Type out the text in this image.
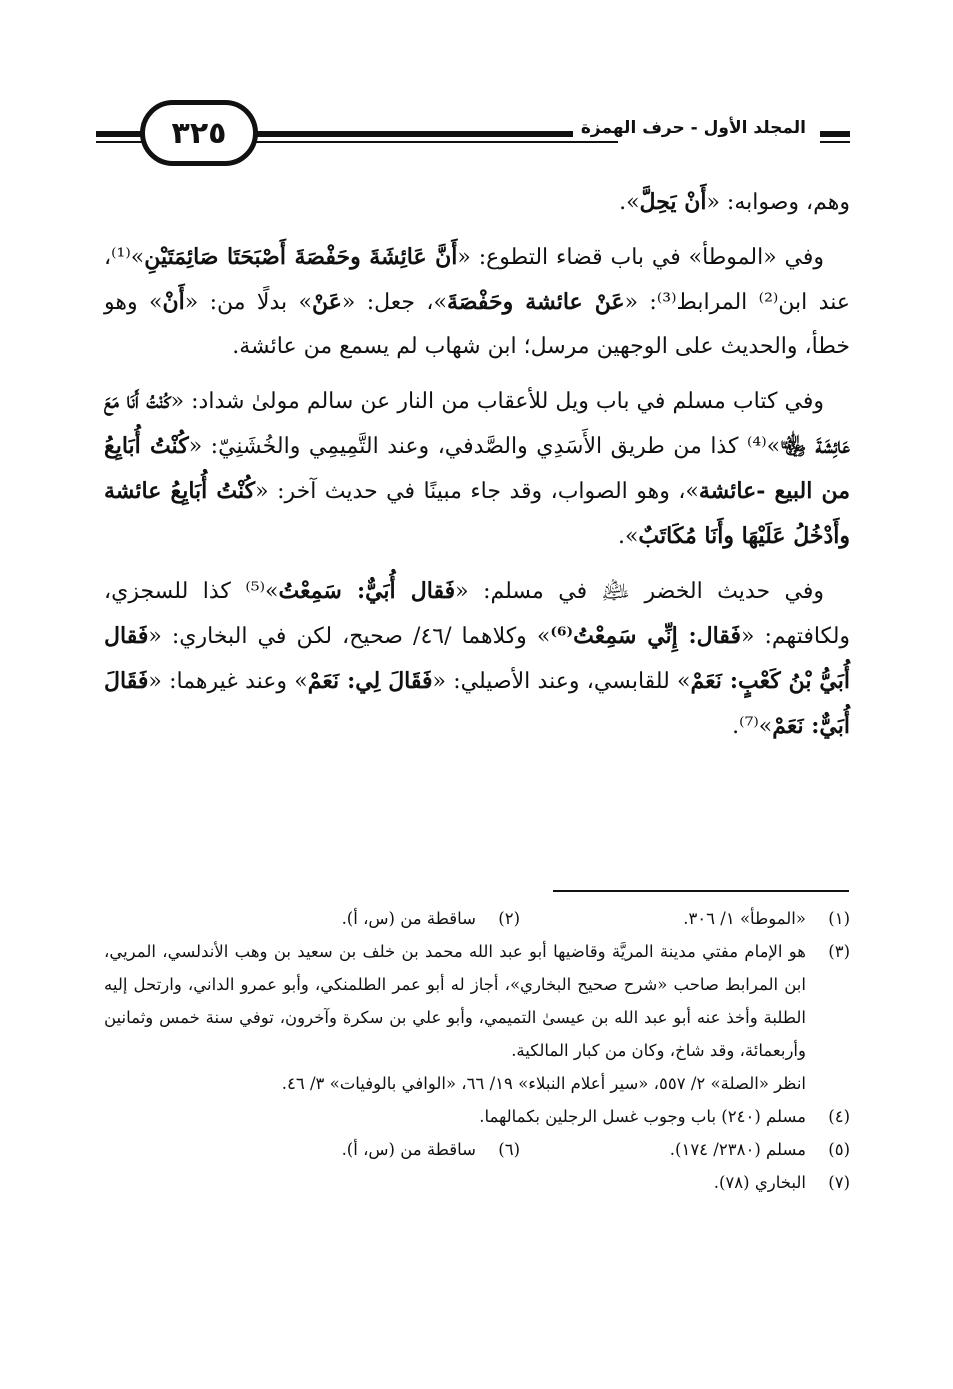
٣٢٥	المجلد الأول - حرف الهمزة

وهم، وصوابه: «أَنْ يَحِلَّ».

وفي «الموطأ» في باب قضاء التطوع: «أَنَّ عَائِشَةَ وحَفْصَةَ أَصْبَحَتَا صَائِمَتَيْنِ»⁽¹⁾، عند ابن⁽²⁾ المرابط⁽³⁾: «عَنْ عائشة وحَفْصَةَ»، جعل: «عَنْ» بدلًا من: «أَنْ» وهو خطأ، والحديث على الوجهين مرسل؛ ابن شهاب لم يسمع من عائشة.

وفي كتاب مسلم في باب ويل للأعقاب من النار عن سالم مولىٰ شداد: «كُنْتُ أَنَا مَعَ عَائِشَةَ ﵄»⁽⁴⁾ كذا من طريق الأَسَدِي والصَّدفي، وعند التَّمِيمِي والخُشَنِيّ: «كُنْتُ أُبَايِعُ من البيع -عائشة»، وهو الصواب، وقد جاء مبينًا في حديث آخر: «كُنْتُ أُبَايِعُ عائشة وأَدْخُلُ عَلَيْهَا وأَنَا مُكَاتَبٌ».

وفي حديث الخضر ﵇ في مسلم: «فَقال أُبَيٌّ: سَمِعْتُ»⁽⁵⁾ كذا للسجزي، ولكافتهم: «فَقال: إِنِّي سَمِعْتُ⁽⁶⁾» وكلاهما /٤٦/ صحيح، لكن في البخاري: «فَقال أُبَيُّ بْنُ كَعْبٍ: نَعَمْ» للقابسي، وعند الأصيلي: «فَقَالَ لِي: نَعَمْ» وعند غيرهما: «فَقَالَ أُبَيٌّ: نَعَمْ»⁽⁷⁾.

(١)
«الموطأ» ١/ ٣٠٦.
(٢)
ساقطة من (س، أ).
(٣)
هو الإمام مفتي مدينة المريَّة وقاضيها أبو عبد الله محمد بن خلف بن سعيد بن وهب الأندلسي، المريي، ابن المرابط صاحب «شرح صحيح البخاري»، أجاز له أبو عمر الطلمنكي، وأبو عمرو الداني، وارتحل إليه الطلبة وأخذ عنه أبو عبد الله بن عيسىٰ التميمي، وأبو علي بن سكرة وآخرون، توفي سنة خمس وثمانين وأربعمائة، وقد شاخ، وكان من كبار المالكية.
انظر «الصلة» ٢/ ٥٥٧، «سير أعلام النبلاء» ١٩/ ٦٦، «الوافي بالوفيات» ٣/ ٤٦.
(٤)
مسلم (٢٤٠) باب وجوب غسل الرجلين بكمالهما.
(٥)
مسلم (٢٣٨٠/ ١٧٤).
(٦)
ساقطة من (س، أ).
(٧)
البخاري (٧٨).
